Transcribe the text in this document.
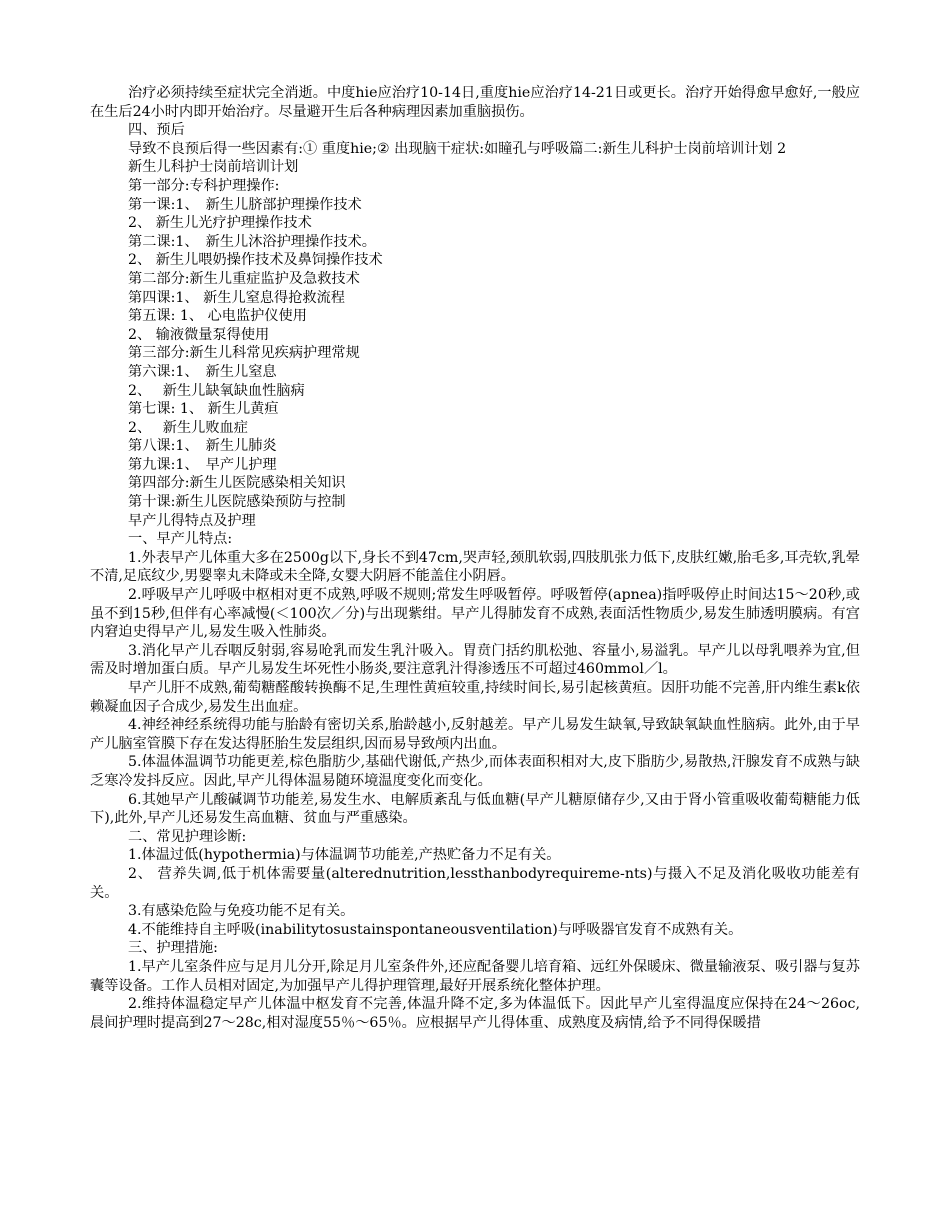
治疗必须持续至症状完全消逝。中度hie应治疗10-14日,重度hie应治疗14-21日或更长。治疗开始得愈早愈好,一般应在生后24小时内即开始治疗。尽量避开生后各种病理因素加重脑损伤。

四、预后

导致不良预后得一些因素有:① 重度hie;② 出现脑干症状:如瞳孔与呼吸篇二:新生儿科护士岗前培训计划 2

新生儿科护士岗前培训计划

第一部分:专科护理操作:

第一课:1、　新生儿脐部护理操作技术

2、 新生儿光疗护理操作技术

第二课:1、　新生儿沐浴护理操作技术。

2、 新生儿喂奶操作技术及鼻饲操作技术

第二部分:新生儿重症监护及急救技术

第四课:1、 新生儿窒息得抢救流程

第五课: 1、 心电监护仪使用

2、 输液微量泵得使用

第三部分:新生儿科常见疾病护理常规

第六课:1、　新生儿窒息

2、　 新生儿缺氧缺血性脑病

第七课: 1、 新生儿黄疸

2、　 新生儿败血症

第八课:1、　新生儿肺炎

第九课:1、　早产儿护理

第四部分:新生儿医院感染相关知识

第十课:新生儿医院感染预防与控制

早产儿得特点及护理

一、早产儿特点:

1.外表早产儿体重大多在2500g以下,身长不到47cm,哭声轻,颈肌软弱,四肢肌张力低下,皮肤红嫩,胎毛多,耳壳软,乳晕不清,足底纹少,男婴睾丸未降或未全降,女婴大阴唇不能盖住小阴唇。

2.呼吸早产儿呼吸中枢相对更不成熟,呼吸不规则;常发生呼吸暂停。呼吸暂停(apnea)指呼吸停止时间达15～20秒,或虽不到15秒,但伴有心率减慢(＜100次／分)与出现紫绀。早产儿得肺发育不成熟,表面活性物质少,易发生肺透明膜病。有宫内窘迫史得早产儿,易发生吸入性肺炎。

3.消化早产儿吞咽反射弱,容易呛乳而发生乳汁吸入。胃贲门括约肌松弛、容量小,易溢乳。早产儿以母乳喂养为宜,但需及时增加蛋白质。早产儿易发生坏死性小肠炎,要注意乳汁得渗透压不可超过460mmol／l。

早产儿肝不成熟,葡萄糖醛酸转换酶不足,生理性黄疸较重,持续时间长,易引起核黄疸。因肝功能不完善,肝内维生素k依赖凝血因子合成少,易发生出血症。

4.神经神经系统得功能与胎龄有密切关系,胎龄越小,反射越差。早产儿易发生缺氧,导致缺氧缺血性脑病。此外,由于早产儿脑室管膜下存在发达得胚胎生发层组织,因而易导致颅内出血。

5.体温体温调节功能更差,棕色脂肪少,基础代谢低,产热少,而体表面积相对大,皮下脂肪少,易散热,汗腺发育不成熟与缺乏寒冷发抖反应。因此,早产儿得体温易随环境温度变化而变化。

6.其她早产儿酸碱调节功能差,易发生水、电解质紊乱与低血糖(早产儿糖原储存少,又由于肾小管重吸收葡萄糖能力低下),此外,早产儿还易发生高血糖、贫血与严重感染。

二、常见护理诊断:

1.体温过低(hypothermia)与体温调节功能差,产热贮备力不足有关。

2、 营养失调,低于机体需要量(alterednutrition,lessthanbodyrequireme-nts)与摄入不足及消化吸收功能差有关。

3.有感染危险与免疫功能不足有关。

4.不能维持自主呼吸(inabilitytosustainspontaneousventilation)与呼吸器官发育不成熟有关。

三、护理措施:

1.早产儿室条件应与足月儿分开,除足月儿室条件外,还应配备婴儿培育箱、远红外保暖床、微量输液泵、吸引器与复苏囊等设备。工作人员相对固定,为加强早产儿得护理管理,最好开展系统化整体护理。

2.维持体温稳定早产儿体温中枢发育不完善,体温升降不定,多为体温低下。因此早产儿室得温度应保持在24～26oc,晨间护理时提高到27～28c,相对湿度55％～65％。应根据早产儿得体重、成熟度及病情,给予不同得保暖措
